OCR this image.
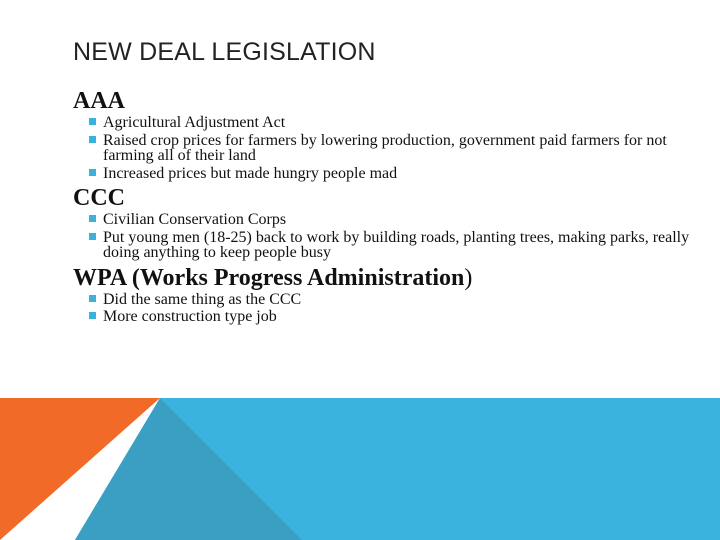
NEW DEAL LEGISLATION

AAA

Agricultural Adjustment Act
Raised crop prices for farmers by lowering production, government paid farmers for not farming all of their land
Increased prices but made hungry people mad

CCC

Civilian Conservation Corps
Put young men (18-25) back to work by building roads, planting trees, making parks, really doing anything to keep people busy

WPA (Works Progress Administration)

Did the same thing as the CCC
More construction type job
